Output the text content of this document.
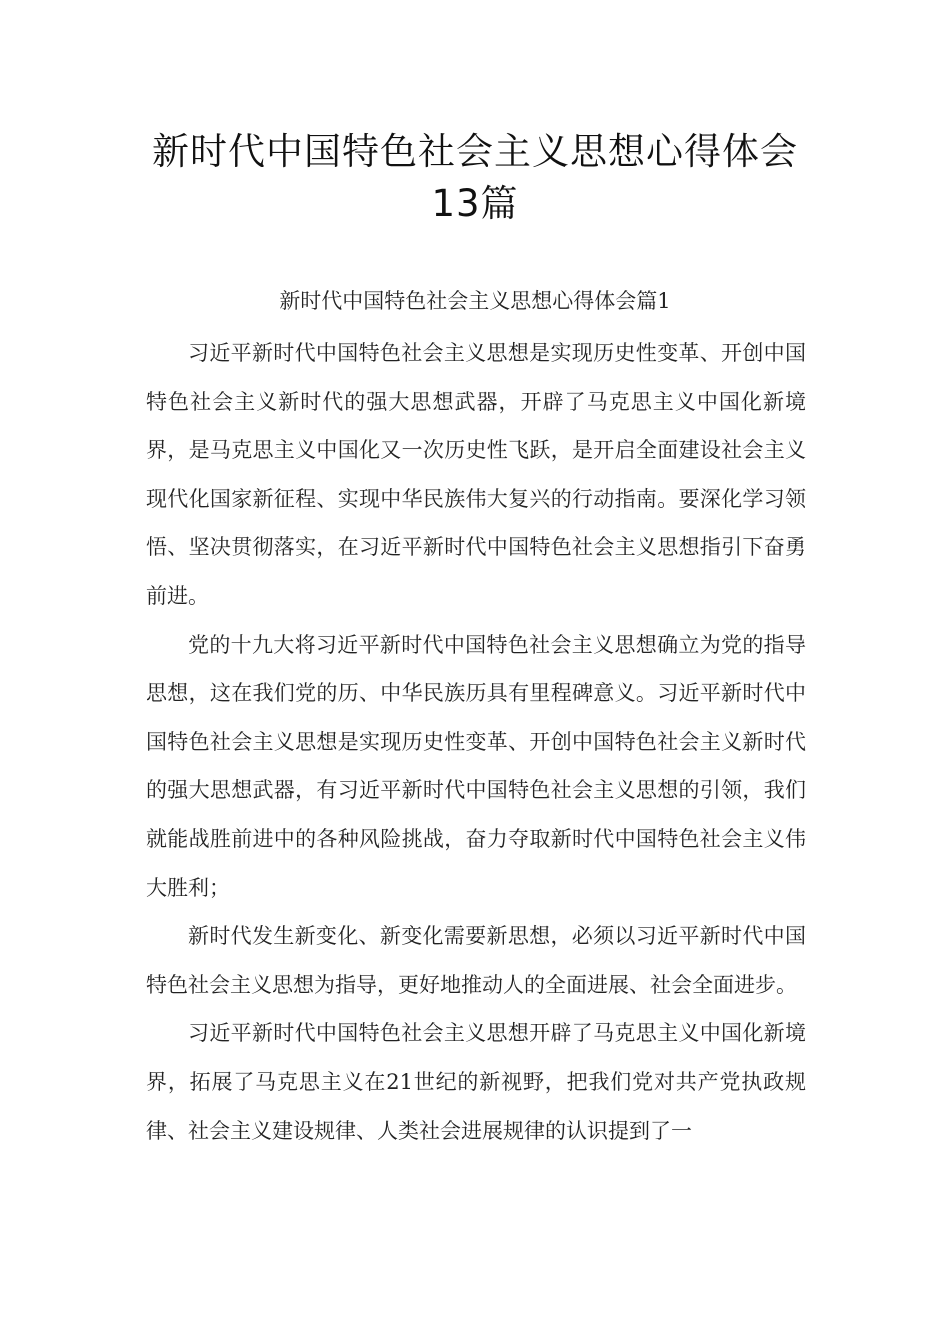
新时代中国特色社会主义思想心得体会
13篇

新时代中国特色社会主义思想心得体会篇1

习近平新时代中国特色社会主义思想是实现历史性变革、开创中国特色社会主义新时代的强大思想武器，开辟了马克思主义中国化新境界，是马克思主义中国化又一次历史性飞跃，是开启全面建设社会主义现代化国家新征程、实现中华民族伟大复兴的行动指南。要深化学习领悟、坚决贯彻落实，在习近平新时代中国特色社会主义思想指引下奋勇前进。

党的十九大将习近平新时代中国特色社会主义思想确立为党的指导思想，这在我们党的历、中华民族历具有里程碑意义。习近平新时代中国特色社会主义思想是实现历史性变革、开创中国特色社会主义新时代的强大思想武器，有习近平新时代中国特色社会主义思想的引领，我们就能战胜前进中的各种风险挑战，奋力夺取新时代中国特色社会主义伟大胜利；

新时代发生新变化、新变化需要新思想，必须以习近平新时代中国特色社会主义思想为指导，更好地推动人的全面进展、社会全面进步。

习近平新时代中国特色社会主义思想开辟了马克思主义中国化新境界，拓展了马克思主义在21世纪的新视野，把我们党对共产党执政规律、社会主义建设规律、人类社会进展规律的认识提到了一
